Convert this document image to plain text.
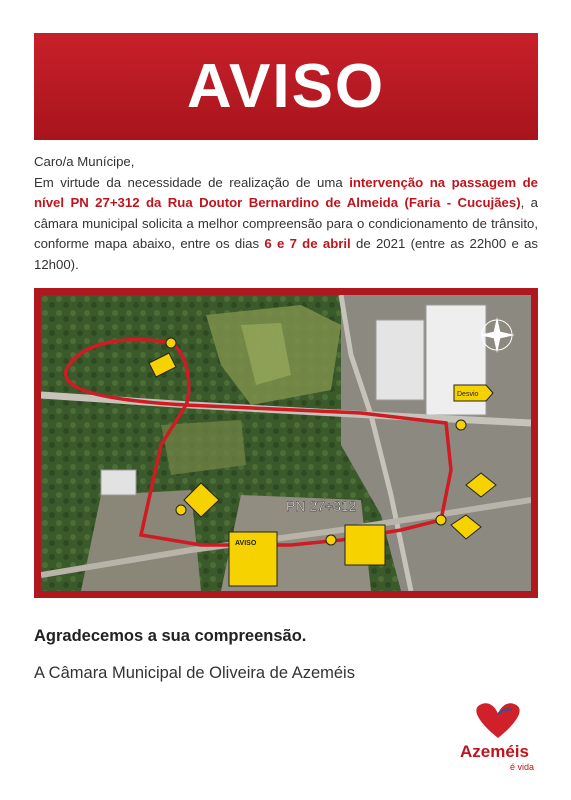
AVISO

Caro/a Munícipe,

Em virtude da necessidade de realização de uma intervenção na passagem de nível PN 27+312 da Rua Doutor Bernardino de Almeida (Faria - Cucujães), a câmara municipal solicita a melhor compreensão para o condicionamento de trânsito, conforme mapa abaixo, entre os dias 6 e 7 de abril de 2021 (entre as 22h00 e as 12h00).

Desvio
AVISO
PN 27+312
Agradecemos a sua compreensão.
A Câmara Municipal de Oliveira de Azeméis
Azeméis
é vida
